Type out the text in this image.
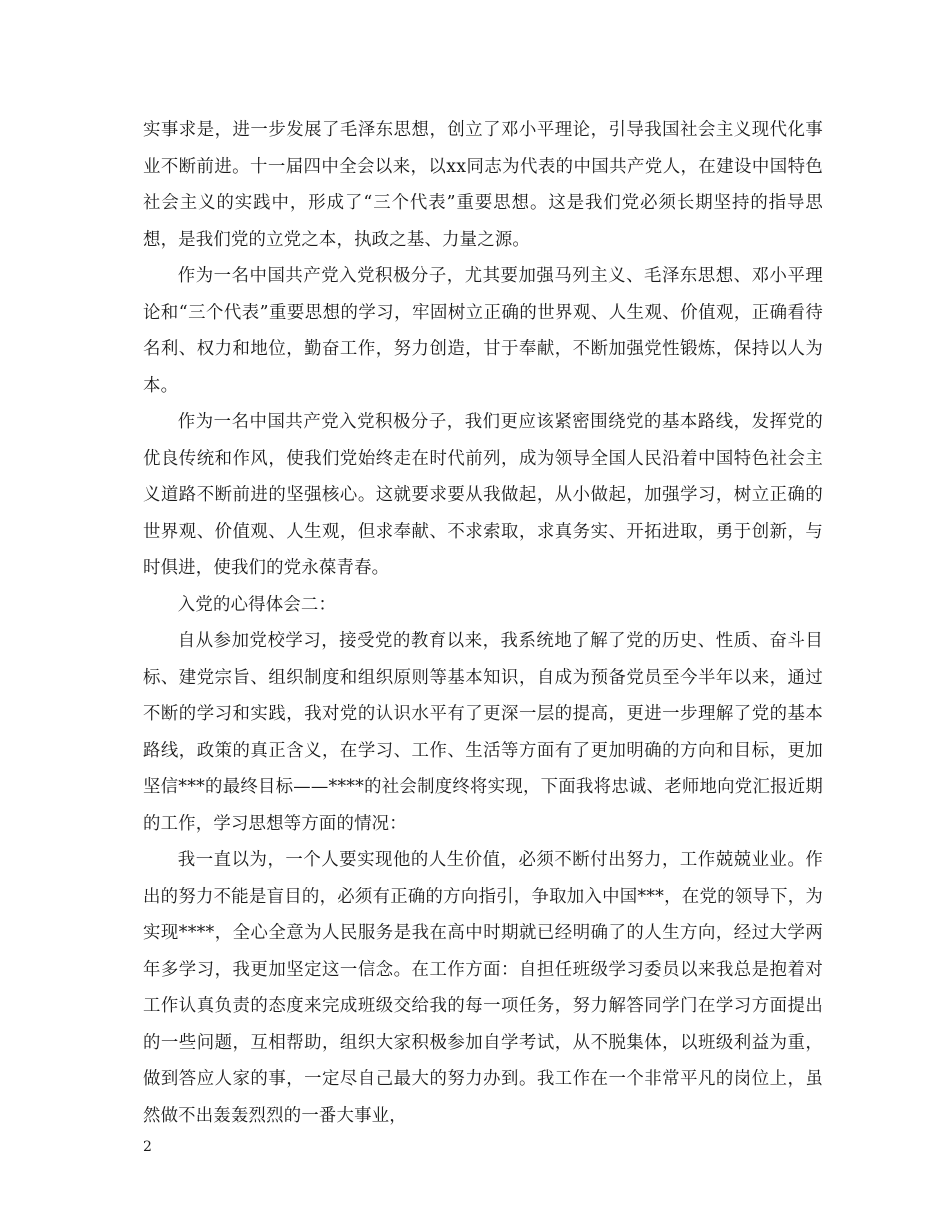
实事求是，进一步发展了毛泽东思想，创立了邓小平理论，引导我国社会主义现代化事业不断前进。十一届四中全会以来，以xx同志为代表的中国共产党人，在建设中国特色社会主义的实践中，形成了“三个代表”重要思想。这是我们党必须长期坚持的指导思想，是我们党的立党之本，执政之基、力量之源。

作为一名中国共产党入党积极分子，尤其要加强马列主义、毛泽东思想、邓小平理论和“三个代表”重要思想的学习，牢固树立正确的世界观、人生观、价值观，正确看待名利、权力和地位，勤奋工作，努力创造，甘于奉献，不断加强党性锻炼，保持以人为本。

作为一名中国共产党入党积极分子，我们更应该紧密围绕党的基本路线，发挥党的优良传统和作风，使我们党始终走在时代前列，成为领导全国人民沿着中国特色社会主义道路不断前进的坚强核心。这就要求要从我做起，从小做起，加强学习，树立正确的世界观、价值观、人生观，但求奉献、不求索取，求真务实、开拓进取，勇于创新，与时俱进，使我们的党永葆青春。

入党的心得体会二：

自从参加党校学习，接受党的教育以来，我系统地了解了党的历史、性质、奋斗目标、建党宗旨、组织制度和组织原则等基本知识，自成为预备党员至今半年以来，通过不断的学习和实践，我对党的认识水平有了更深一层的提高，更进一步理解了党的基本路线，政策的真正含义，在学习、工作、生活等方面有了更加明确的方向和目标，更加坚信***的最终目标——****的社会制度终将实现，下面我将忠诚、老师地向党汇报近期的工作，学习思想等方面的情况：

我一直以为，一个人要实现他的人生价值，必须不断付出努力，工作兢兢业业。作出的努力不能是盲目的，必须有正确的方向指引，争取加入中国***，在党的领导下，为实现****，全心全意为人民服务是我在高中时期就已经明确了的人生方向，经过大学两年多学习，我更加坚定这一信念。在工作方面：自担任班级学习委员以来我总是抱着对工作认真负责的态度来完成班级交给我的每一项任务，努力解答同学门在学习方面提出的一些问题，互相帮助，组织大家积极参加自学考试，从不脱集体，以班级利益为重，做到答应人家的事，一定尽自己最大的努力办到。我工作在一个非常平凡的岗位上，虽然做不出轰轰烈烈的一番大事业，

2
